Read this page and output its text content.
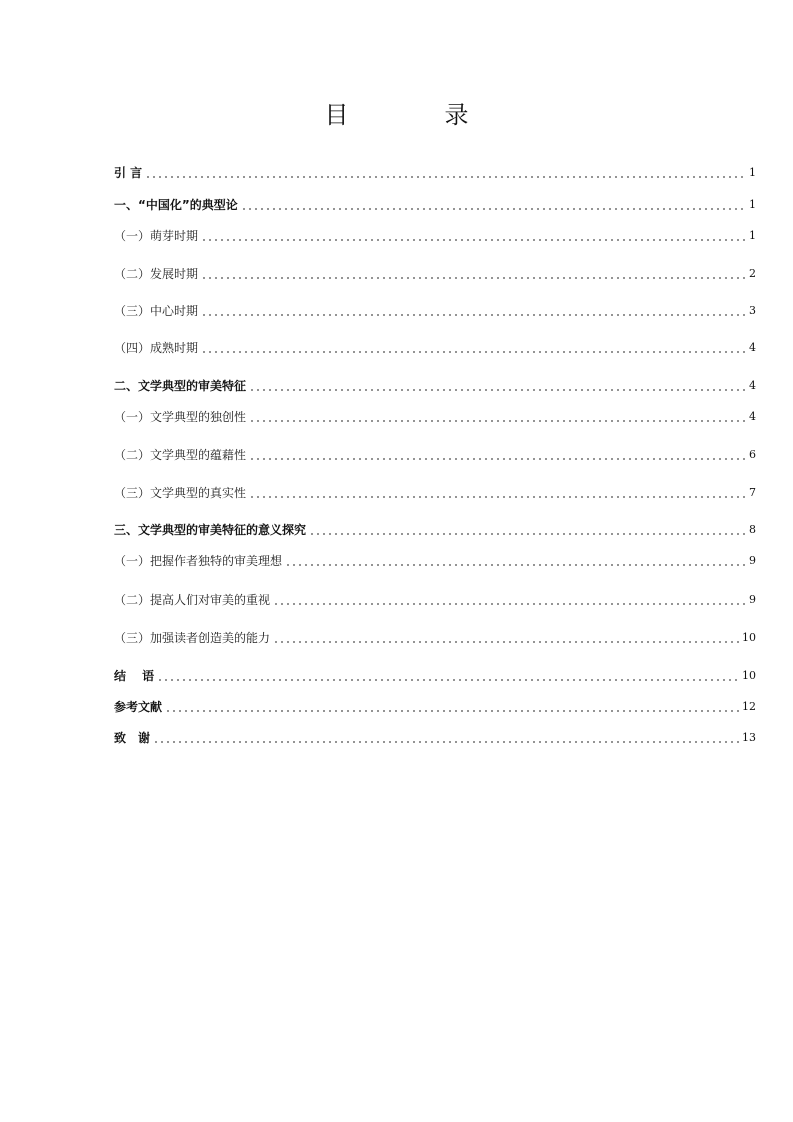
目　录
引 言	1
一、“中国化”的典型论	1
（一）萌芽时期	1
（二）发展时期	2
（三）中心时期	3
（四）成熟时期	4
二、文学典型的审美特征	4
（一）文学典型的独创性	4
（二）文学典型的蕴藉性	6
（三）文学典型的真实性	7
三、文学典型的审美特征的意义探究	8
（一）把握作者独特的审美理想	9
（二）提高人们对审美的重视	9
（三）加强读者创造美的能力	10
结　 语	10
参考文献	12
致　谢	13
